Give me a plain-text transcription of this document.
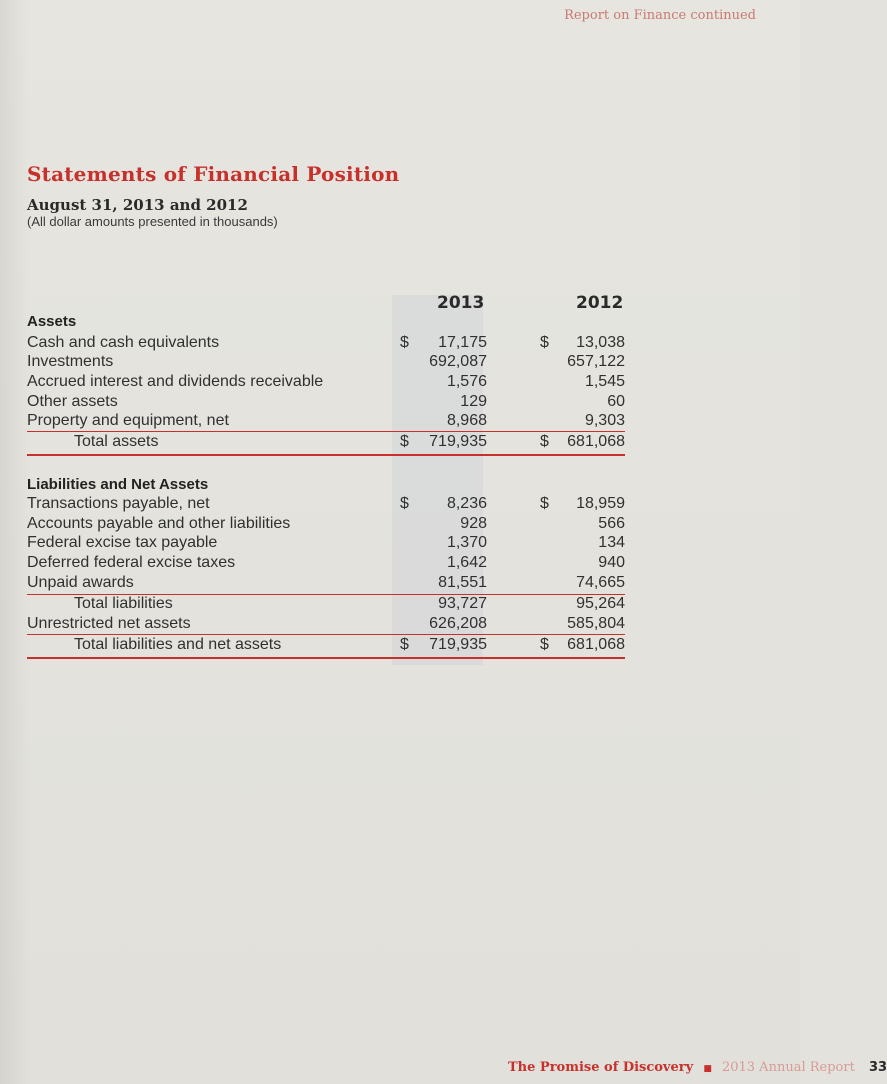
Report on Finance continued
Statements of Financial Position
August 31, 2013 and 2012
(All dollar amounts presented in thousands)
2013	2012
Assets
Cash and cash equivalents	$	17,175	$	13,038
Investments	692,087	657,122
Accrued interest and dividends receivable	1,576	1,545
Other assets	129	60
Property and equipment, net	8,968	9,303
Total assets	$	719,935	$	681,068
Liabilities and Net Assets
Transactions payable, net	$	8,236	$	18,959
Accounts payable and other liabilities	928	566
Federal excise tax payable	1,370	134
Deferred federal excise taxes	1,642	940
Unpaid awards	81,551	74,665
Total liabilities	93,727	95,264
Unrestricted net assets	626,208	585,804
Total liabilities and net assets	$	719,935	$	681,068
The Promise of Discovery ■ 2013 Annual Report 33
